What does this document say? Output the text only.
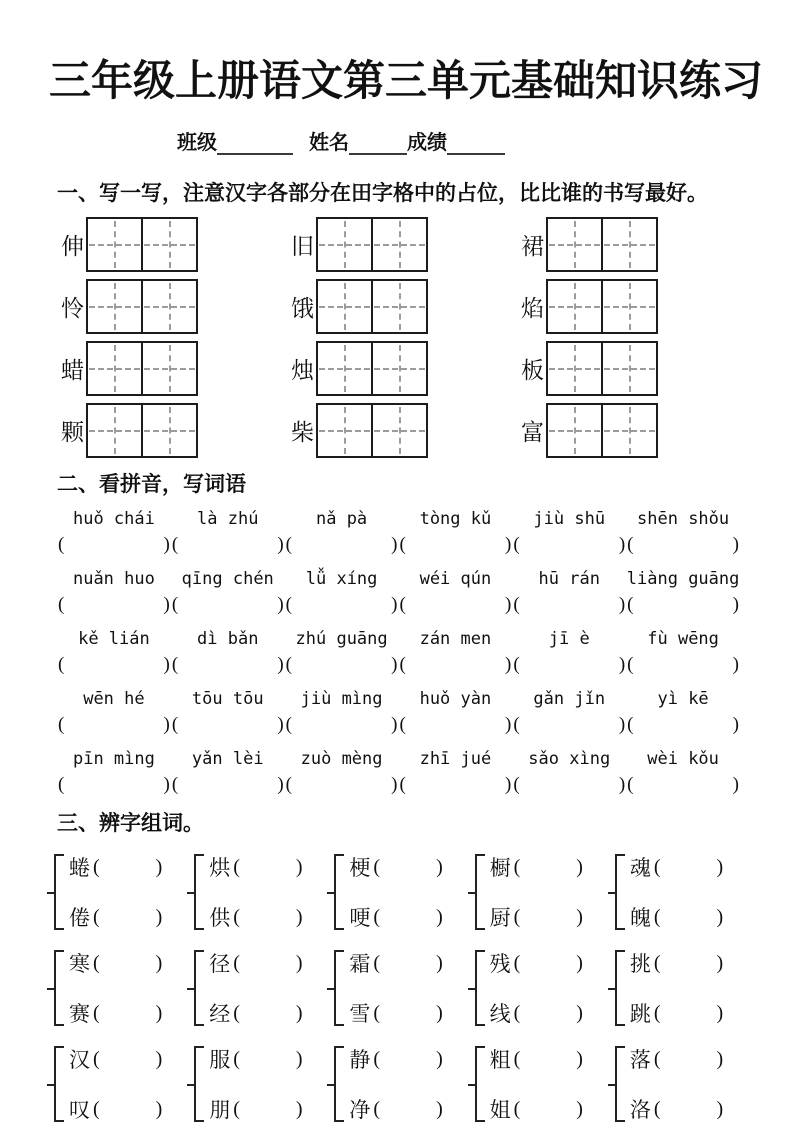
三年级上册语文第三单元基础知识练习
班级	姓名	成绩
一、写一写，注意汉字各部分在田字格中的占位，比比谁的书写最好。
伸	旧	裙
怜	饿	焰
蜡	烛	板
颗	柴	富
二、看拼音，写词语
huǒ chái	là zhú	nǎ pà	tòng kǔ	jiù shū	shēn shǒu
(	) (	) (	) (	) (	) (	)
nuǎn huo	qīng chén	lǚ xíng	wéi qún	hū rán	liàng guāng
(	) (	) (	) (	) (	) (	)
kě lián	dì bǎn	zhú guāng	zán men	jī è	fù wēng
(	) (	) (	) (	) (	) (	)
wēn hé	tōu tōu	jiù mìng	huǒ yàn	gǎn jǐn	yì kē
(	) (	) (	) (	) (	) (	)
pīn mìng	yǎn lèi	zuò mèng	zhī jué	sǎo xìng	wèi kǒu
(	) (	) (	) (	) (	) (	)
三、辨字组词。
蜷 (	)
倦 (	)
烘 (	)
供 (	)
梗 (	)
哽 (	)
橱 (	)
厨 (	)
魂 (	)
魄 (	)
寒 (	)
赛 (	)
径 (	)
经 (	)
霜 (	)
雪 (	)
残 (	)
线 (	)
挑 (	)
跳 (	)
汉 (	)
叹 (	)
服 (	)
朋 (	)
静 (	)
净 (	)
粗 (	)
姐 (	)
落 (	)
洛 (	)
